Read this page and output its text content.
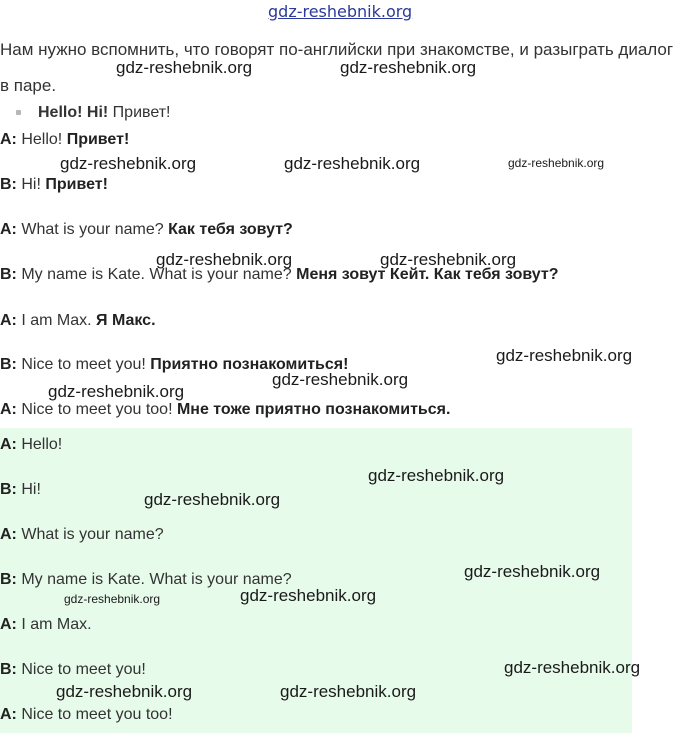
gdz-reshebnik.org
Нам нужно вспомнить, что говорят по-английски при знакомстве, и разыграть диалог в паре.
Hello! Hi! Привет!
A: Hello! Привет!
B: Hi! Привет!
A: What is your name? Как тебя зовут?
B: My name is Kate. What is your name? Меня зовут Кейт. Как тебя зовут?
A: I am Max. Я Макс.
B: Nice to meet you! Приятно познакомиться!
A: Nice to meet you too! Мне тоже приятно познакомиться.
A: Hello!
B: Hi!
A: What is your name?
B: My name is Kate. What is your name?
A: I am Max.
B: Nice to meet you!
A: Nice to meet you too!
gdz-reshebnik.org	gdz-reshebnik.org
gdz-reshebnik.org	gdz-reshebnik.org	gdz-reshebnik.org
gdz-reshebnik.org	gdz-reshebnik.org
gdz-reshebnik.org
gdz-reshebnik.org
gdz-reshebnik.org
gdz-reshebnik.org
gdz-reshebnik.org
gdz-reshebnik.org
gdz-reshebnik.org	gdz-reshebnik.org
gdz-reshebnik.org
gdz-reshebnik.org	gdz-reshebnik.org
